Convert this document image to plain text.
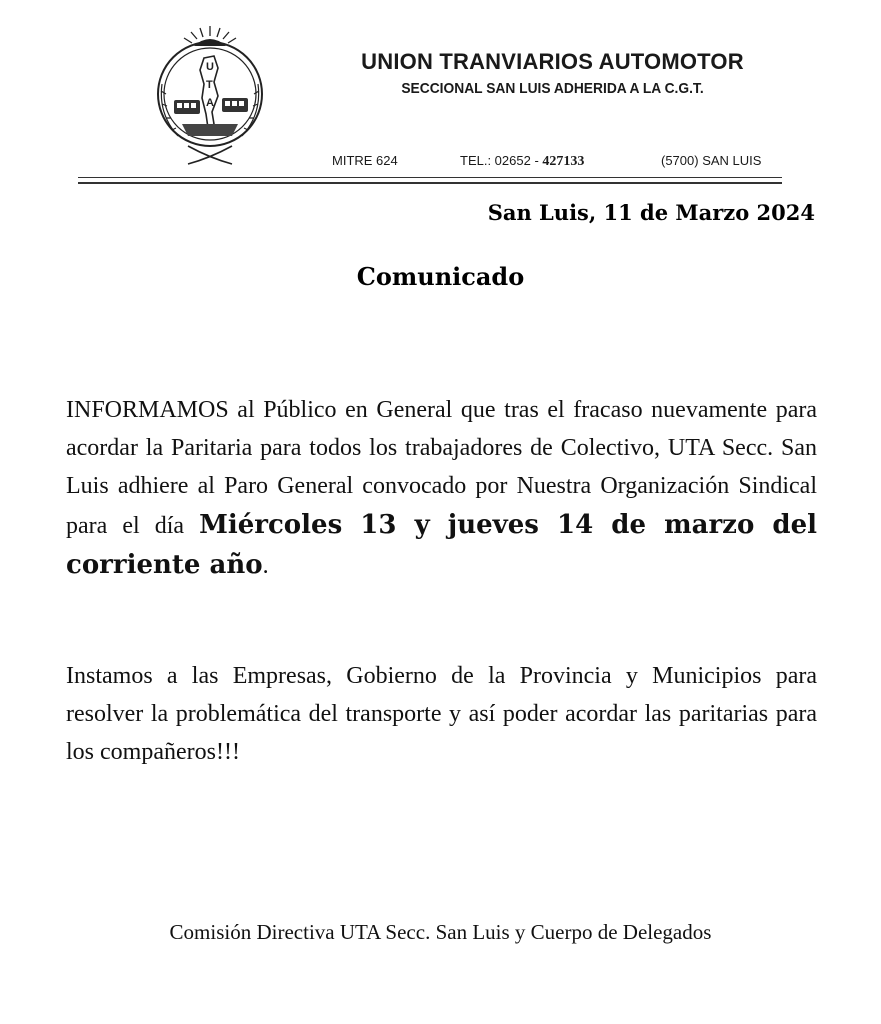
U
T
A
UNION TRANVIARIOS AUTOMOTOR
SECCIONAL SAN LUIS ADHERIDA A LA C.G.T.
MITRE 624	TEL.: 02652 - 427133	(5700) SAN LUIS
San Luis, 11 de Marzo 2024
Comunicado
INFORMAMOS al Público en General que tras el fracaso nuevamente para acordar la Paritaria para todos los trabajadores de Colectivo, UTA Secc. San Luis adhiere al Paro General convocado por Nuestra Organización Sindical para el día Miércoles 13 y jueves 14 de marzo del corriente año.
Instamos a las Empresas, Gobierno de la Provincia y Municipios para resolver la problemática del transporte y así poder acordar las paritarias para los compañeros!!!
Comisión Directiva UTA Secc. San Luis y Cuerpo de Delegados
